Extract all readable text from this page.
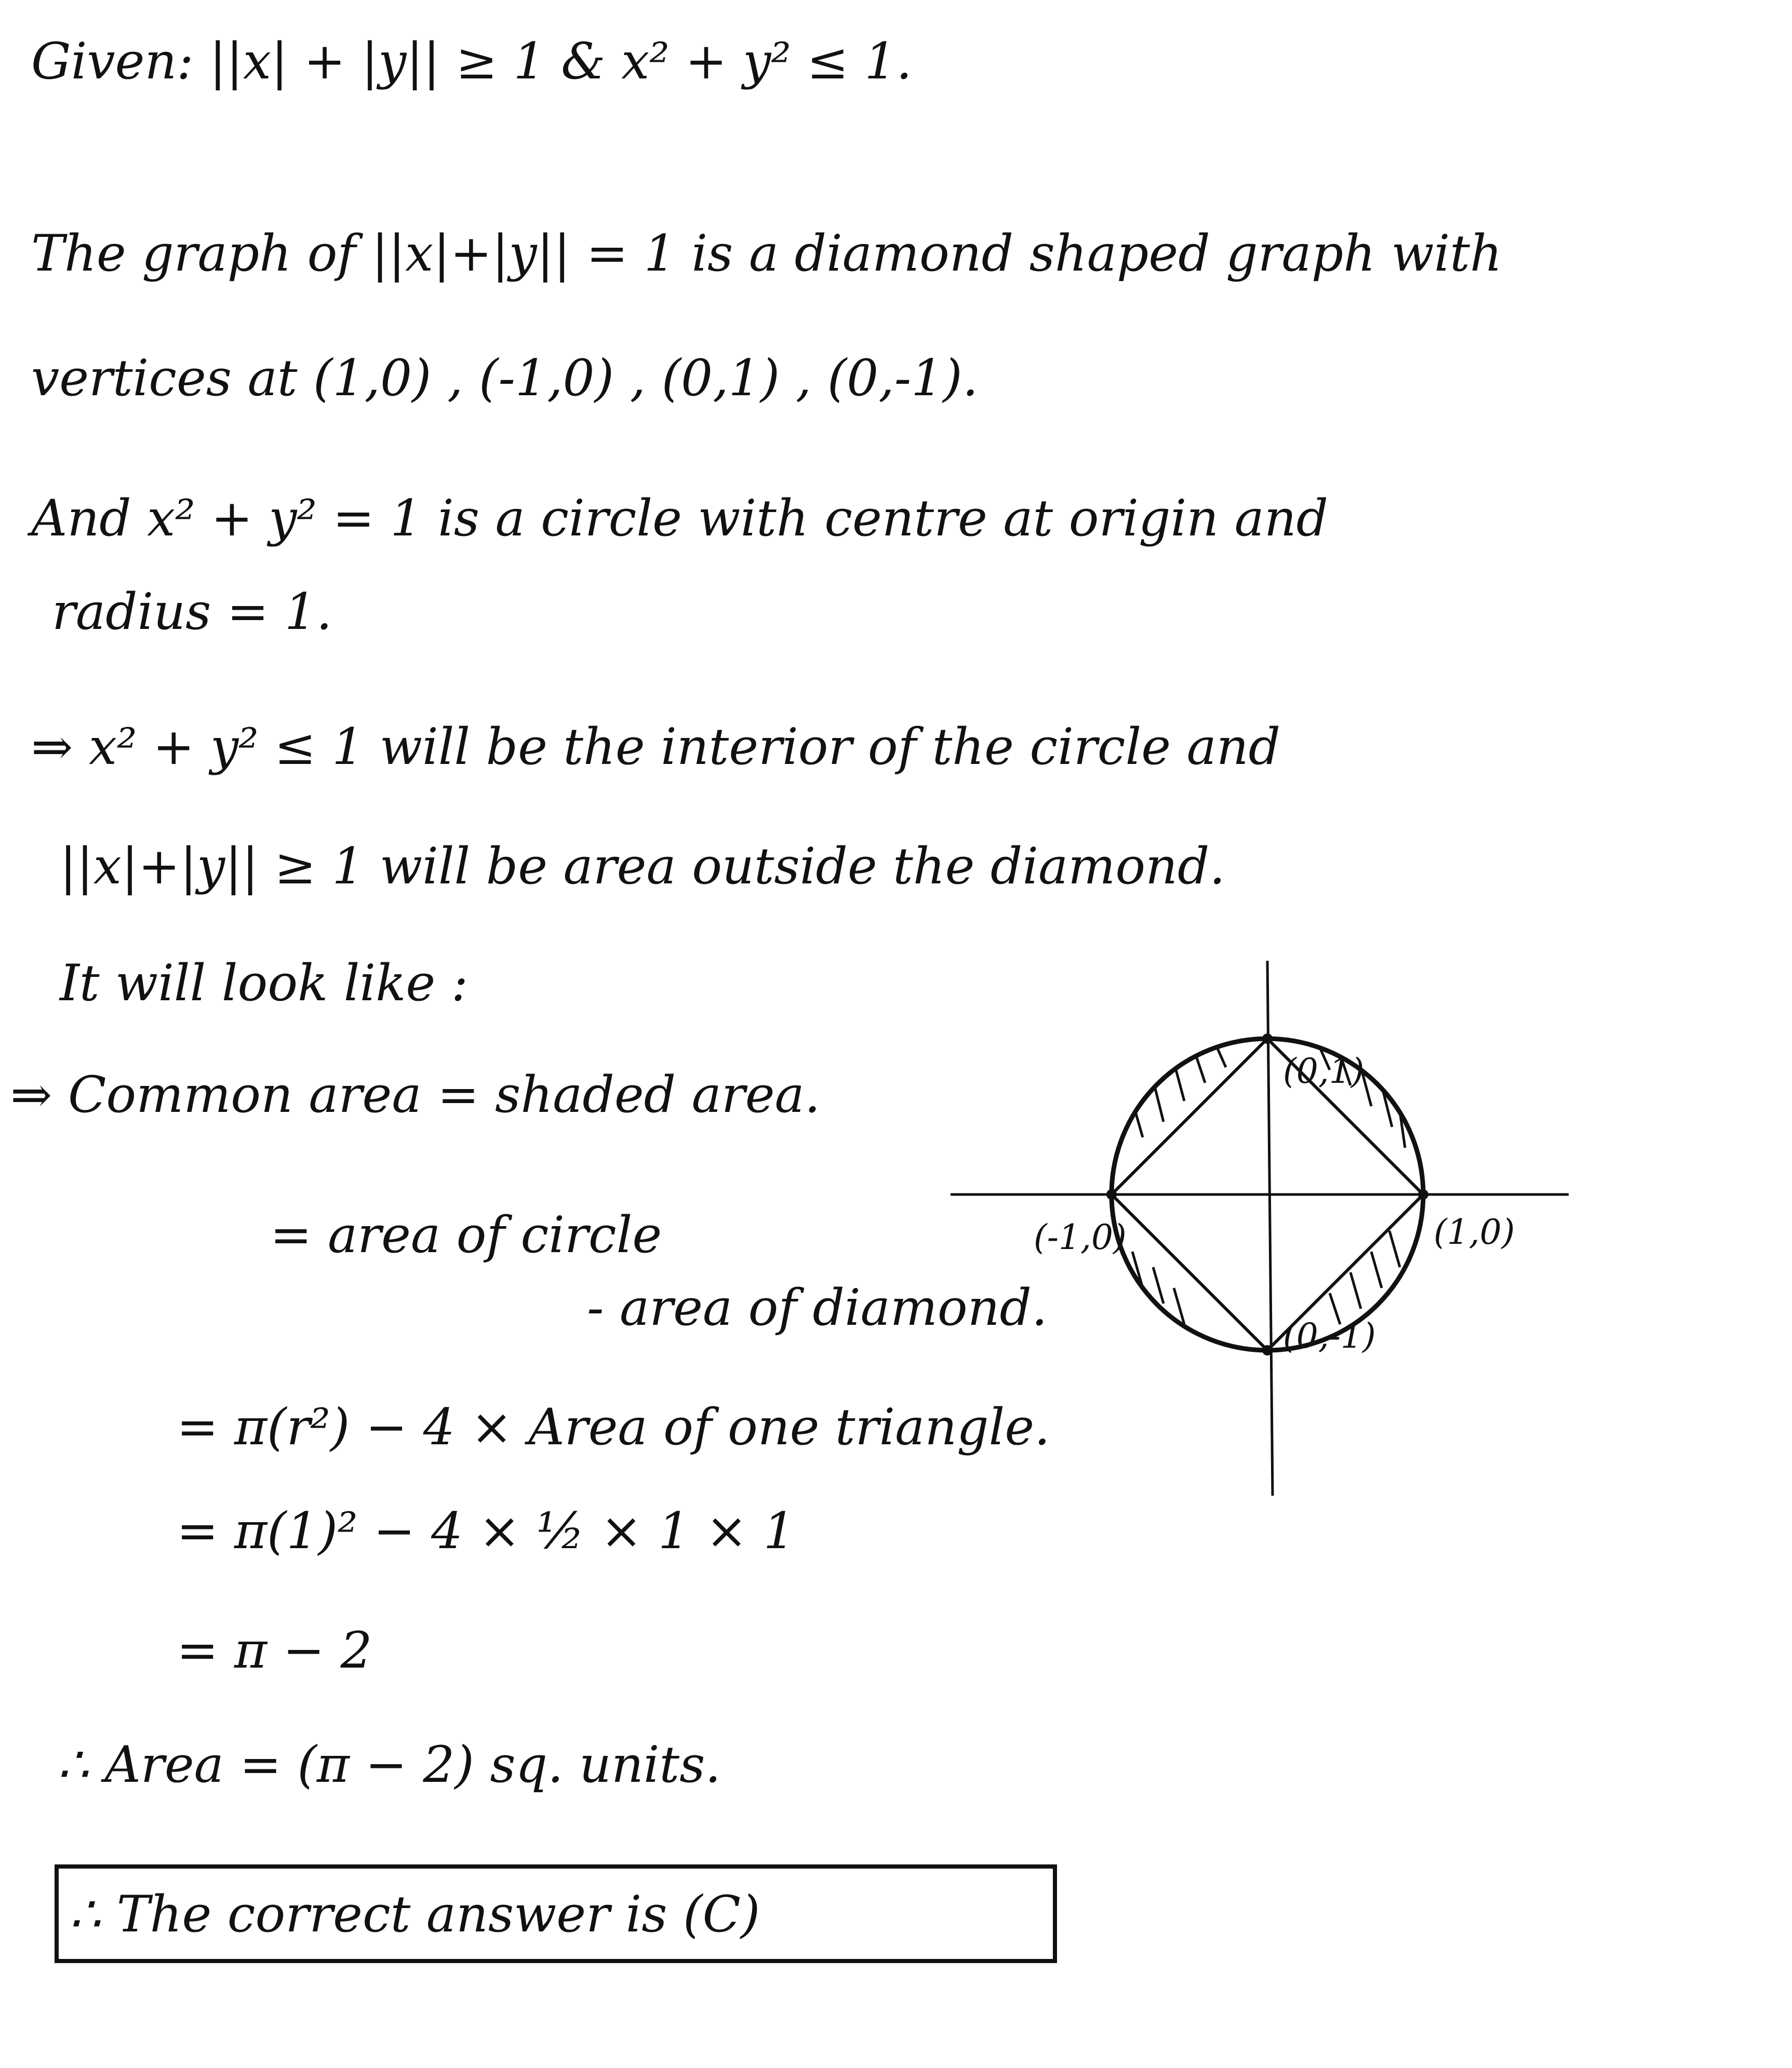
Given: ||x| + |y|| ≥ 1 & x² + y² ≤ 1.
The graph of ||x|+|y|| = 1 is a diamond shaped graph with
vertices at (1,0) , (-1,0) , (0,1) , (0,-1).
And x² + y² = 1 is a circle with centre at origin and
radius = 1.
⇒ x² + y² ≤ 1 will be the interior of the circle and
||x|+|y|| ≥ 1 will be area outside the diamond.
It will look like :
⇒ Common area = shaded area.
= area of circle
- area of diamond.
= π(r²) − 4 × Area of one triangle.
= π(1)² − 4 × ½ × 1 × 1
= π − 2
∴ Area = (π − 2) sq. units.
∴ The correct answer is (C)
(0,1)
(1,0)
(-1,0)
(0,-1)
